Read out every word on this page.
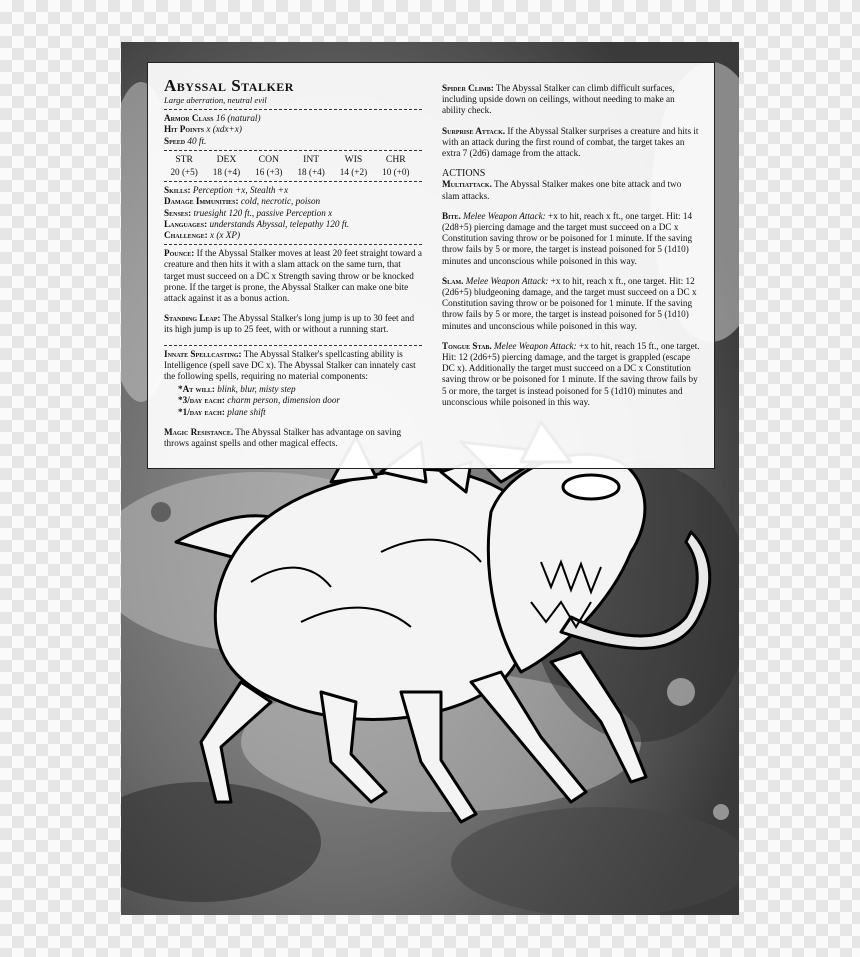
Abyssal Stalker
Large aberration, neutral evil
Armor Class 16 (natural)
Hit Points x (xdx+x)
Speed 40 ft.
STR	DEX	CON	INT	WIS	CHR
20 (+5)	18 (+4)	16 (+3)	18 (+4)	14 (+2)	10 (+0)
Skills: Perception +x, Stealth +x
Damage Immunities: cold, necrotic, poison
Senses: truesight 120 ft., passive Perception x
Languages: understands Abyssal, telepathy 120 ft.
Challenge: x (x XP)

Pounce: If the Abyssal Stalker moves at least 20 feet straight toward a creature and then hits it with a slam attack on the same turn, that target must succeed on a DC x Strength saving throw or be knocked prone. If the target is prone, the Abyssal Stalker can make one bite attack against it as a bonus action.

Standing Leap: The Abyssal Stalker's long jump is up to 30 feet and its high jump is up to 25 feet, with or without a running start.

Innate Spellcasting: The Abyssal Stalker's spellcasting ability is Intelligence (spell save DC x). The Abyssal Stalker can innately cast the following spells, requiring no material components:

*At will: blink, blur, misty step
*3/day each: charm person, dimension door
*1/day each: plane shift

Magic Resistance. The Abyssal Stalker has advantage on saving throws against spells and other magical effects.

Spider Climb: The Abyssal Stalker can climb difficult surfaces, including upside down on ceilings, without needing to make an ability check.

Surprise Attack. If the Abyssal Stalker surprises a creature and hits it with an attack during the first round of combat, the target takes an extra 7 (2d6) damage from the attack.

ACTIONS

Multiattack. The Abyssal Stalker makes one bite attack and two slam attacks.

Bite. Melee Weapon Attack: +x to hit, reach x ft., one target. Hit: 14 (2d8+5) piercing damage and the target must succeed on a DC x Constitution saving throw or be poisoned for 1 minute. If the saving throw fails by 5 or more, the target is instead poisoned for 5 (1d10) minutes and unconscious while poisoned in this way.

Slam. Melee Weapon Attack: +x to hit, reach x ft., one target. Hit: 12 (2d6+5) bludgeoning damage, and the target must succeed on a DC x Constitution saving throw or be poisoned for 1 minute. If the saving throw fails by 5 or more, the target is instead poisoned for 5 (1d10) minutes and unconscious while poisoned in this way.

Tongue Stab. Melee Weapon Attack: +x to hit, reach 15 ft., one target. Hit: 12 (2d6+5) piercing damage, and the target is grappled (escape DC x). Additionally the target must succeed on a DC x Constitution saving throw or be poisoned for 1 minute. If the saving throw fails by 5 or more, the target is instead poisoned for 5 (1d10) minutes and unconscious while poisoned in this way.
